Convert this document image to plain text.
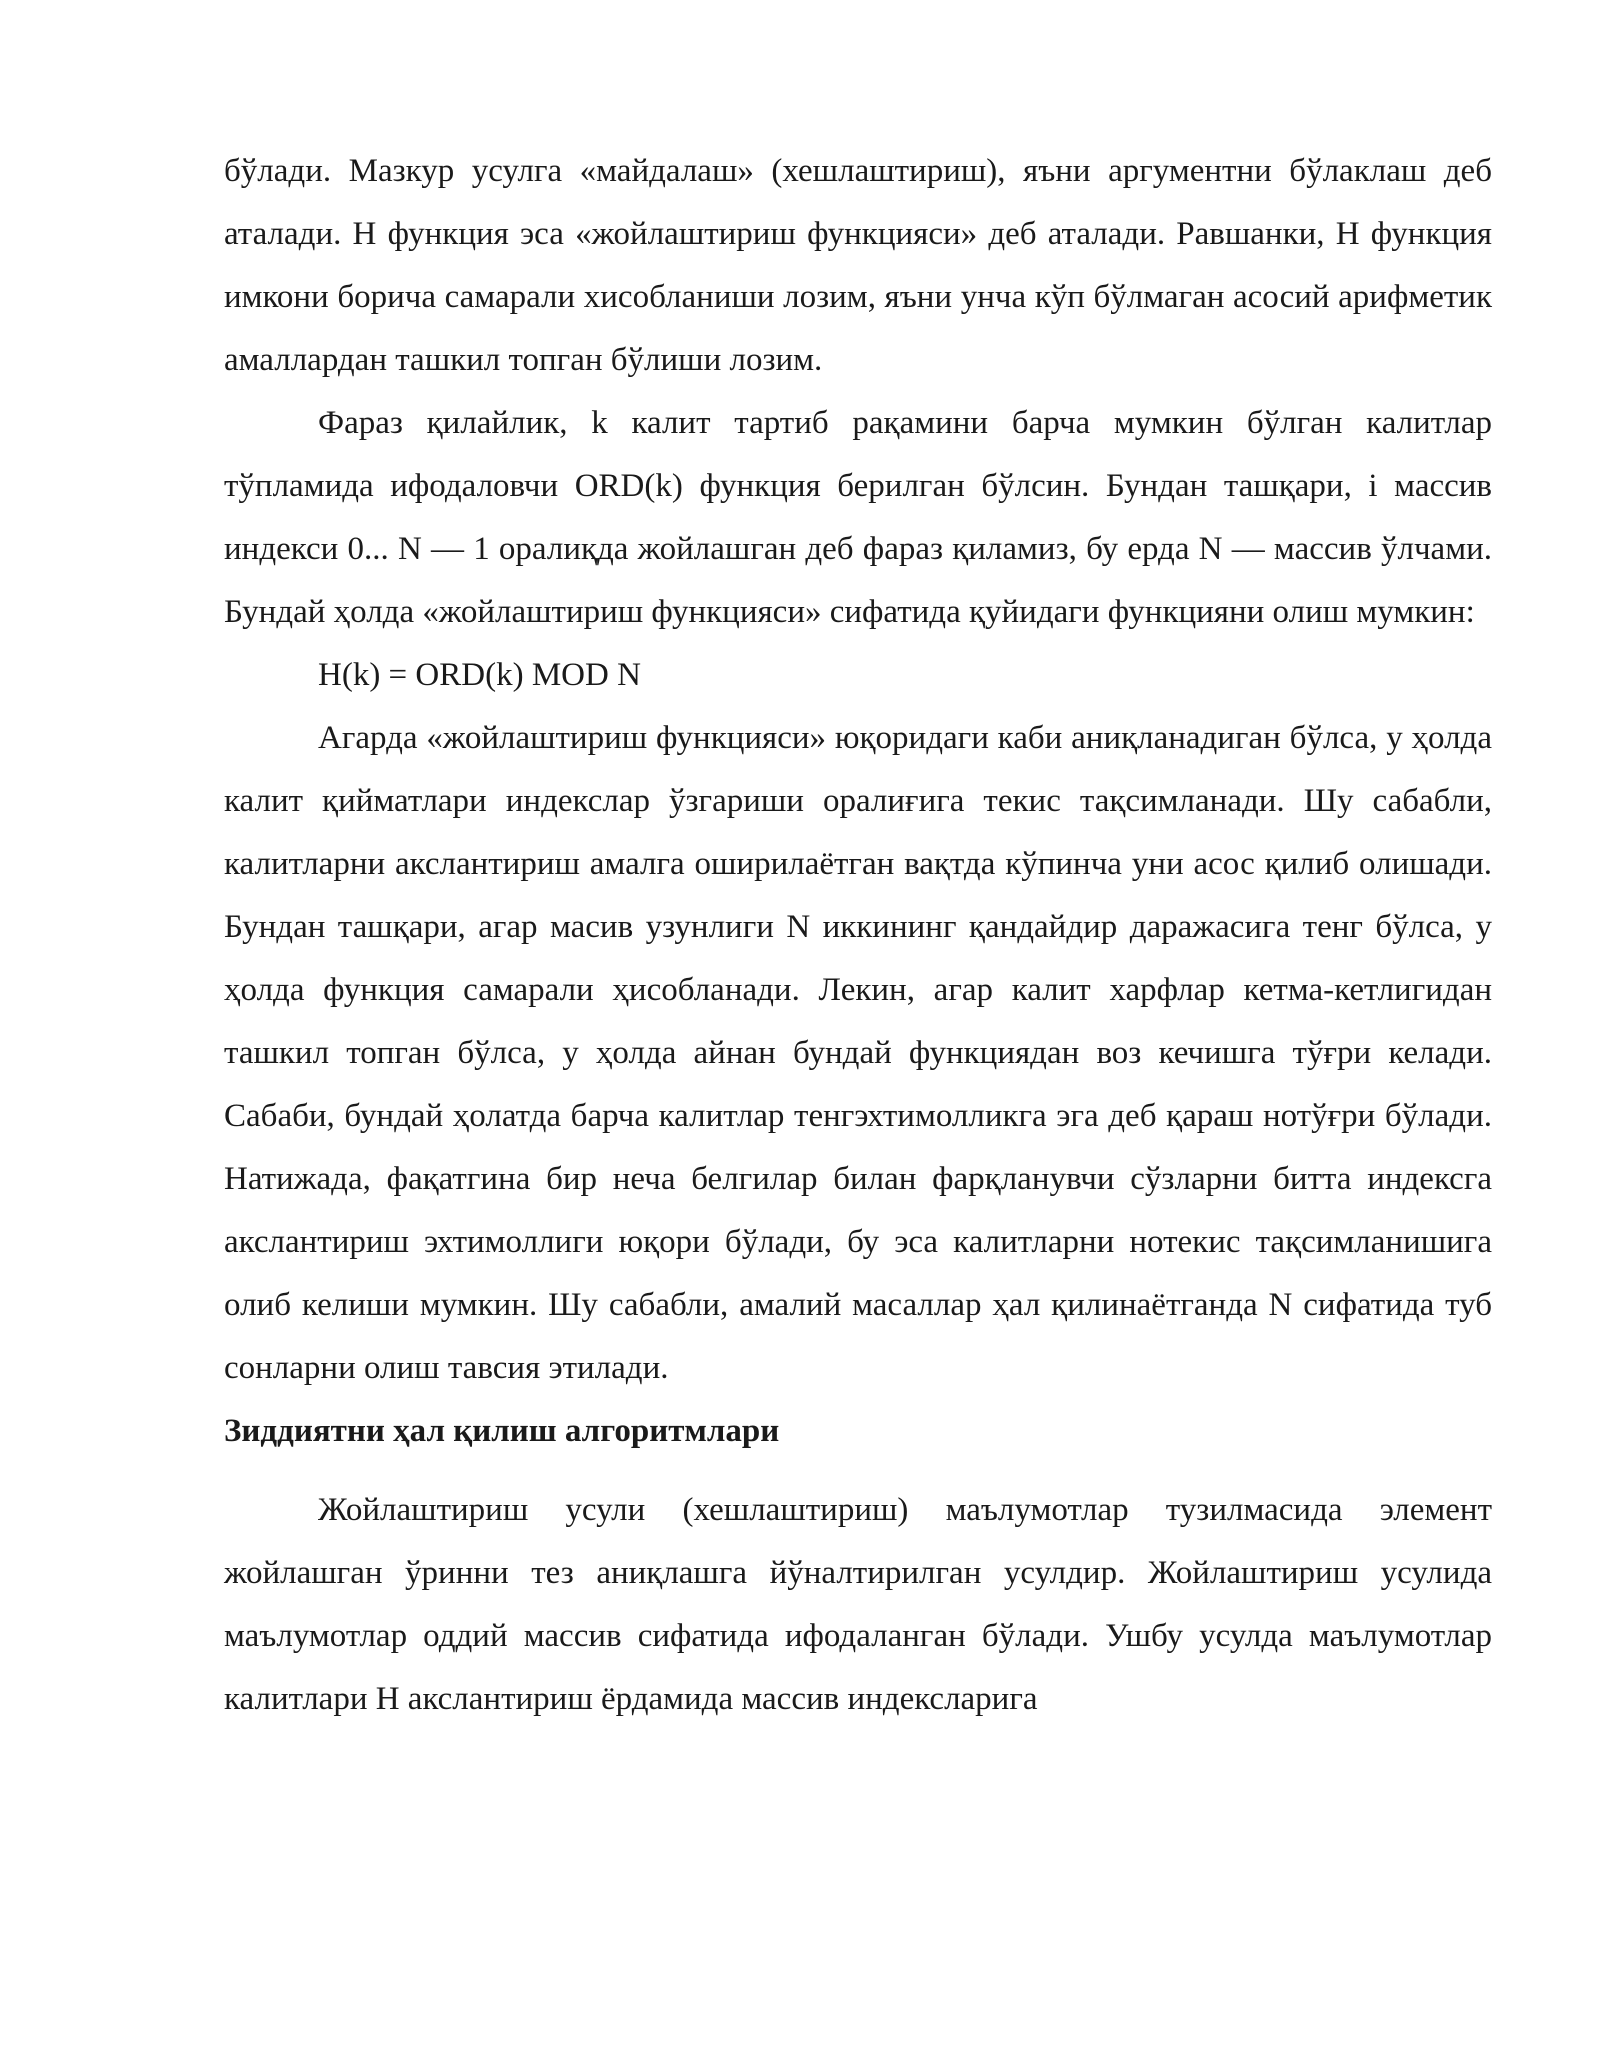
бўлади. Мазкур усулга «майдалаш» (хешлаштириш), яъни аргументни бўлаклаш деб аталади. H функция эса «жойлаштириш функцияси» деб аталади. Равшанки, H функция имкони борича самарали хисобланиши лозим, яъни унча кўп бўлмаган асосий арифметик амаллардан ташкил топган бўлиши лозим.

Фараз қилайлик, k калит тартиб рақамини барча мумкин бўлган калитлар тўпламида ифодаловчи ORD(k) функция берилган бўлсин. Бундан ташқари, i массив индекси 0... N — 1 оралиқда жойлашган деб фараз қиламиз, бу ерда N — массив ўлчами. Бундай ҳолда «жойлаштириш функцияси» сифатида қуйидаги функцияни олиш мумкин:

H(k) = ORD(k) MOD N

Агарда «жойлаштириш функцияси» юқоридаги каби аниқланадиган бўлса, у ҳолда калит қийматлари индекслар ўзгариши оралиғига текис тақсимланади. Шу сабабли, калитларни акслантириш амалга оширилаётган вақтда кўпинча уни асос қилиб олишади. Бундан ташқари, агар масив узунлиги N иккининг қандайдир даражасига тенг бўлса, у ҳолда функция самарали ҳисобланади. Лекин, агар калит харфлар кетма-кетлигидан ташкил топган бўлса, у ҳолда айнан бундай функциядан воз кечишга тўғри келади. Сабаби, бундай ҳолатда барча калитлар тенгэхтимолликга эга деб қараш нотўғри бўлади. Натижада, фақатгина бир неча белгилар билан фарқланувчи сўзларни битта индексга акслантириш эхтимоллиги юқори бўлади, бу эса калитларни нотекис тақсимланишига олиб келиши мумкин. Шу сабабли, амалий масаллар ҳал қилинаётганда N сифатида туб сонларни олиш тавсия этилади.

Зиддиятни ҳал қилиш алгоритмлари

Жойлаштириш усули (хешлаштириш) маълумотлар тузилмасида элемент жойлашган ўринни тез аниқлашга йўналтирилган усулдир. Жойлаштириш усулида маълумотлар оддий массив сифатида ифодаланган бўлади. Ушбу усулда маълумотлар калитлари H акслантириш ёрдамида массив индексларига
